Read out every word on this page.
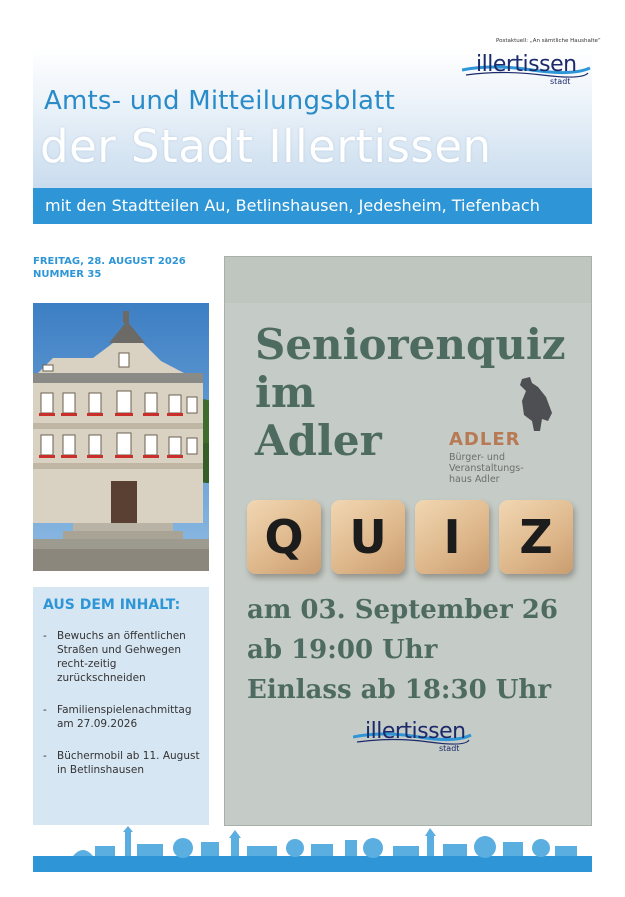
Postaktuell: „An sämtliche Haushalte“
illertissen
stadt
Amts- und Mitteilungsblatt
der Stadt Illertissen
mit den Stadtteilen Au, Betlinshausen, Jedesheim, Tiefenbach
FREITAG, 28. AUGUST 2026
NUMMER 35
AUS DEM INHALT:
- Bewuchs an öffentlichen Straßen und Gehwegen recht-zeitig zurückschneiden
- Familienspielenachmittag am 27.09.2026
- Büchermobil ab 11. August in Betlinshausen
Seniorenquiz
im
Adler	ADLER
Bürger- und
Veranstaltungs-
haus Adler
Q U	I	Z
am 03. September 26
ab 19:00 Uhr
Einlass ab 18:30 Uhr
illertissen
stadt
